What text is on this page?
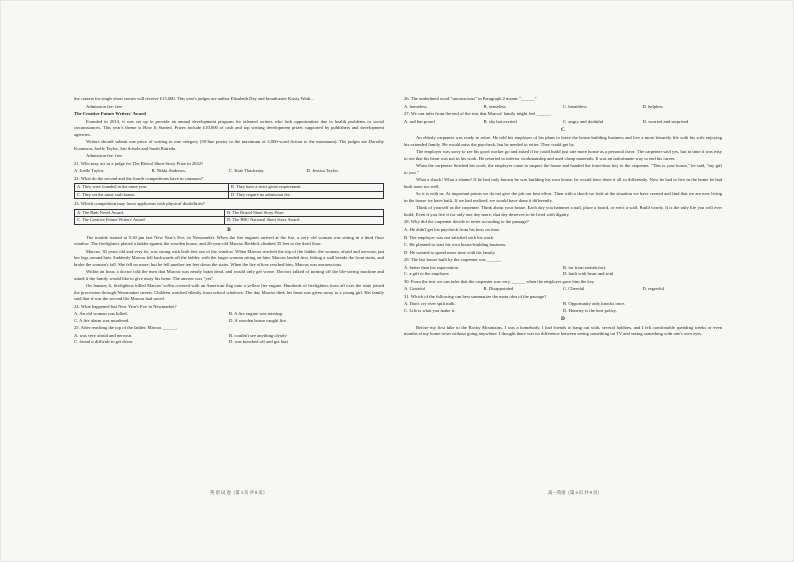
the contest for single short stories will receive £15,000. This year's judges are author Elizabeth Day and broadcaster Kirsty Wark...

Admission fee: free

The Creative Future Writers' Award

Founded in 2014, it was set up to provide an annual development program for talented writers who lack opportunities due to health problems or social circumstances. This year's theme is How It Started. Prizes include £10,000 of cash and top writing development prizes supported by publishers and development agencies.

Writers should submit one piece of writing in one category (50-line poetry to the maximum or 2,000-word fiction to the maximum). The judges are Dorothy Koomson, Joelle Taylor, Ani Scholz and Sarah Ratreda.

Admission fee: free

21. Who may act as a judge for The Bristol Short Story Prize in 2022?

A. Joelle Taylor.	B. Nikki Andrews.	C. Kate Thackeray.	D. Jessica Taylor.

22. What do the second and the fourth competitions have in common?

A. They were founded in the same year.	B. They have a strict genre requirement.
C. They set the same cash bonus.	D. They require no admission fee.

23. Which competition may favor applicants with physical disabilities?

A. The Bath Novel Award.	B. The Bristol Short Story Prize.
C. The Creative Future Writers' Award.	D. The BBC National Short Story Award.
B

The trouble started at 9:30 pm last New Year's Eve, in Newmarket. When the fire engines arrived at the fire, a very old woman was sitting in a third floor window. The firefighters placed a ladder against the wooden house, and 26-year-old Marcus Reddick climbed 35 feet to the third floor.

Marcus, 30 years old and very fit, was strong with both feet out of the window. When Marcus reached the top of the ladder, the woman, afraid and nervous, put her legs around him. Suddenly Marcus fell backwards off the ladder, with the larger woman sitting on him. Marcus landed first, hitting a wall beside the front stairs, and broke the woman's fall. She fell no more, but he fell another ten feet down the stairs. When the fire officer reached him, Marcus was unconscious.

Within an hour, a doctor told the men that Marcus was nearly brain dead, and would only get worse. Doctors talked of turning off the life-saving machine and asked if the family would like to give away his heart. The answer was "yes".

On January 6, firefighters killed Marcus' coffin covered with an American flag onto a yellow fire engine. Hundreds of firefighters from all over the state joined the procession through Newmarket streets. Children watched silently from school windows. The day Marcus died, his heart was given away to a young girl. His family said that it was the second life Marcus had saved.

24. What happened last New Year's Eve in Newmarket?

A. An old woman was killed.	B. A fire engine was missing.
C. A fire alarm was murdered.	D. A wooden house caught fire.

25. After reaching the top of the ladder, Marcus ______.

A. was very afraid and nervous	B. couldn't see anything clearly
C. found it difficult to get down	D. was knocked off and got hurt

26. The underlined word "unconscious" in Paragraph 2 means "______".

A. homeless	B. senseless	C. breathless	D. helpless

27. We can infer from the end of the text that Marcus' family might feel ______.

A. sad but proud	B. shy but excited	C. angry and doubtful	D. worried and surprised
C

An elderly carpenter was ready to retire. He told his employer of his plans to leave the house-building business and live a more leisurely life with his wife enjoying his extended family. He would miss the paycheck, but he needed to retire. They could get by.

The employer was sorry to see his good worker go and asked if he could build just one more house as a personal favor. The carpenter said yes, but in time it was easy to see that his heart was not in his work. He resorted to inferior workmanship and used cheap materials. It was an unfortunate way to end his career.

When the carpenter finished his work, the employer came to inspect the house and handed the front-door key to the carpenter. "This is your house," he said, "my gift to you."

What a shock! What a shame! If he had only known he was building his own house, he would have done it all so differently. Now he had to live in the home he had built none too well.

So it is with us. At important points we do not give the job our best effort. Then with a shock we look at the situation we have created and find that we are now living in the house we have built. If we had realized, we would have done it differently.

Think of yourself as the carpenter. Think about your house. Each day you hammer a nail, place a board, or erect a wall. Build wisely. It is the only life you will ever build. Even if you live it for only one day more, that day deserves to be lived with dignity.

28. Why did the carpenter decide to retire according to the passage?

A. He didn't get his paycheck from his boss on time.

B. The employer was not satisfied with his work.

C. He planned to start his own house-building business.

D. He wanted to spend more time with his family.

29. The last house built by the carpenter was ______.

A. better than his expectation	B. far from satisfactory
C. a gift to the employer	D. built with heart and soul

30. From the text we can infer that the carpenter was very ______ when the employer gave him the key.

A. Grateful	B. Disappointed	C. Cheerful	D. regretful

31. Which of the following can best summarize the main idea of the passage?

A. Don't cry over spilt milk.	B. Opportunity only knocks once.
C. Life is what you make it.	D. Honesty is the best policy.
D

Before my first hike to the Rocky Mountains, I was a homebody. I had friends to hang out with, several hobbies, and I felt comfortable spending weeks or even months at my home town without going anywhere. I thought there was no difference between seeing something on TV and seeing something with one's own eyes.

英 语 试 卷（第 3 页 共 8 页）	高一英语（第 4 页 共 8 页）
